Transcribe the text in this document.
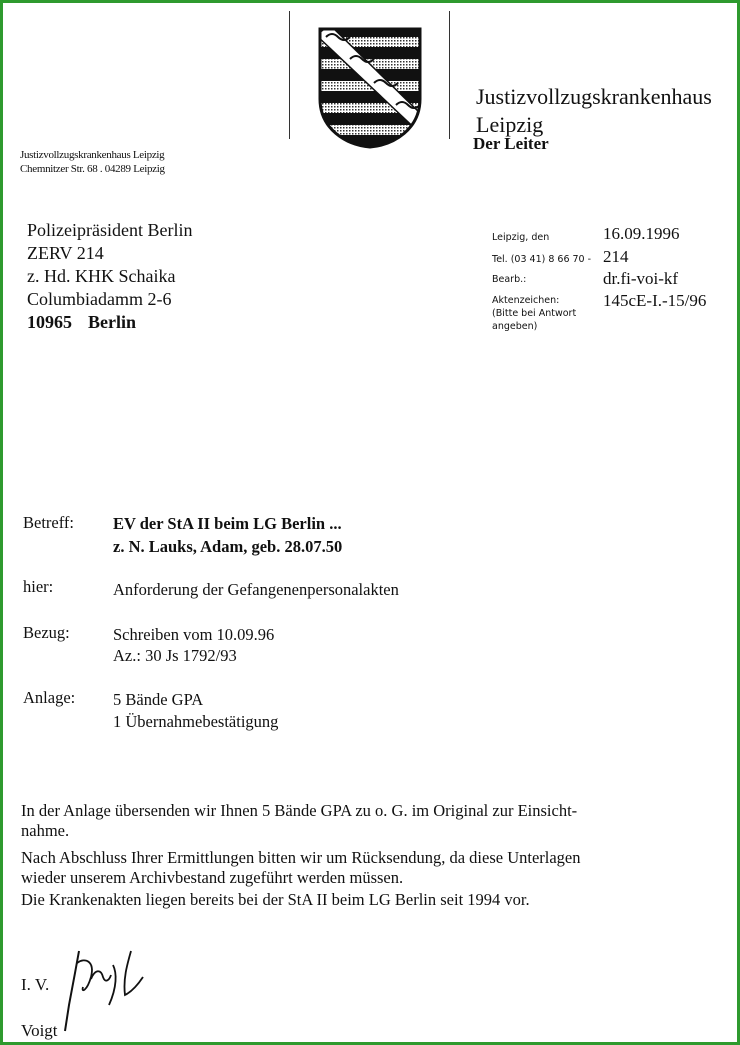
Justizvollzugskrankenhaus
Leipzig
Der Leiter
Justizvollzugskrankenhaus Leipzig
Chemnitzer Str. 68 . 04289 Leipzig
Polizeipräsident Berlin
ZERV 214
z. Hd. KHK Schaika
Columbiadamm 2-6
10965 Berlin
Leipzig, den	16.09.1996
Tel. (03 41) 8 66 70 - 214
Bearb.:	dr.fi-voi-kf
Aktenzeichen:
(Bitte bei Antwort
angeben)
145cE-I.-15/96
Betreff: EV der StA II beim LG Berlin ...
z. N. Lauks, Adam, geb. 28.07.50
hier:	Anforderung der Gefangenenpersonalakten
Bezug:	Schreiben vom 10.09.96
Az.: 30 Js 1792/93
Anlage: 5 Bände GPA
1 Übernahmebestätigung
In der Anlage übersenden wir Ihnen 5 Bände GPA zu o. G. im Original zur Einsicht-
nahme.
Nach Abschluss Ihrer Ermittlungen bitten wir um Rücksendung, da diese Unterlagen
wieder unserem Archivbestand zugeführt werden müssen.
Die Krankenakten liegen bereits bei der StA II beim LG Berlin seit 1994 vor.
I. V.
Voigt
